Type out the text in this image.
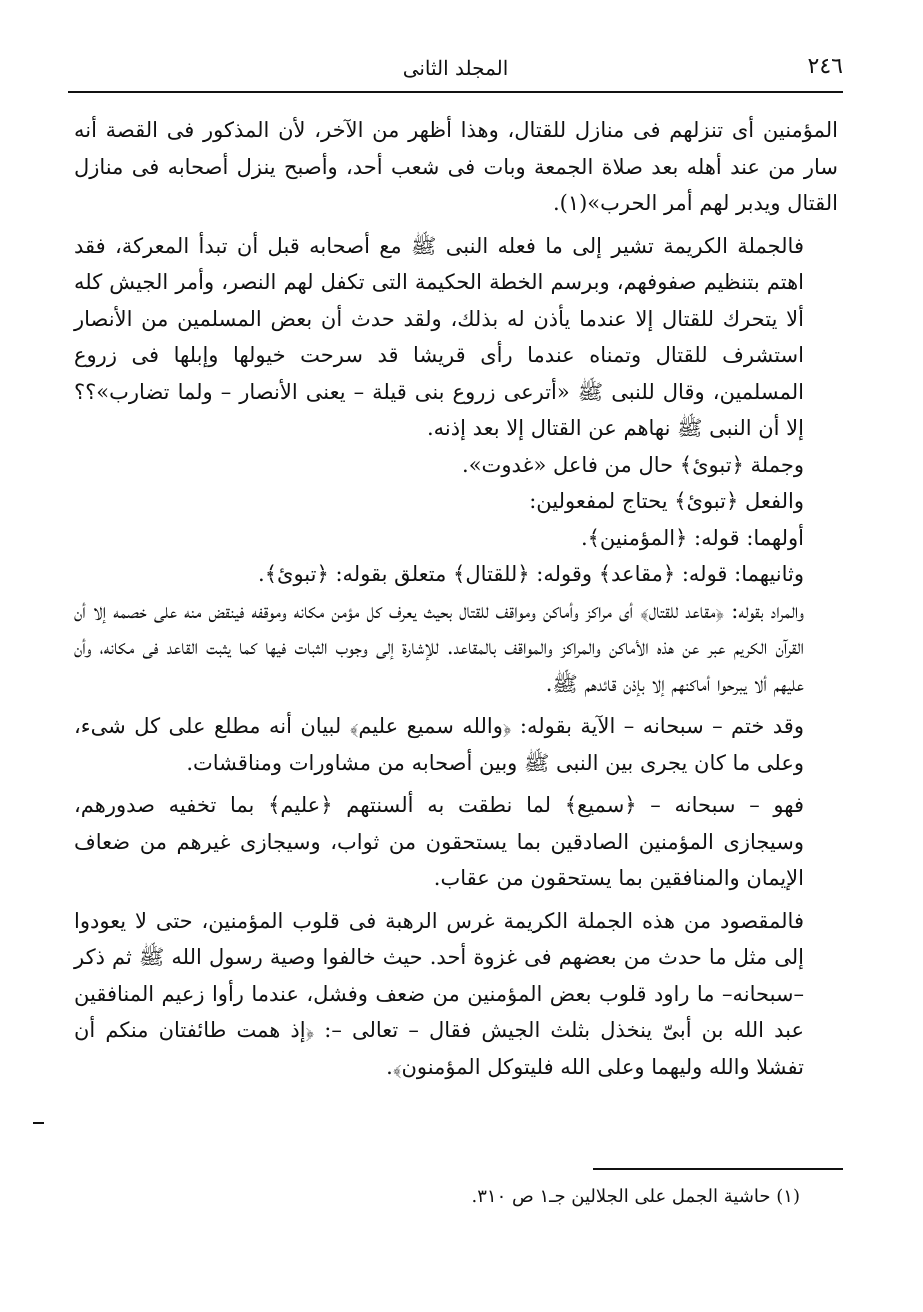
٢٤٦
المجلد الثانى

المؤمنين أى تنزلهم فى منازل للقتال، وهذا أظهر من الآخر، لأن المذكور فى القصة أنه سار من عند أهله بعد صلاة الجمعة وبات فى شعب أحد، وأصبح ينزل أصحابه فى منازل القتال ويدبر لهم أمر الحرب»(١).

فالجملة الكريمة تشير إلى ما فعله النبى ﷺ مع أصحابه قبل أن تبدأ المعركة، فقد اهتم بتنظيم صفوفهم، وبرسم الخطة الحكيمة التى تكفل لهم النصر، وأمر الجيش كله ألا يتحرك للقتال إلا عندما يأذن له بذلك، ولقد حدث أن بعض المسلمين من الأنصار استشرف للقتال وتمناه عندما رأى قريشا قد سرحت خيولها وإبلها فى زروع المسلمين، وقال للنبى ﷺ «أترعى زروع بنى قيلة – يعنى الأنصار – ولما تضارب»؟؟ إلا أن النبى ﷺ نهاهم عن القتال إلا بعد إذنه.

وجملة ﴿تبوئ﴾ حال من فاعل «غدوت».

والفعل ﴿تبوئ﴾ يحتاج لمفعولين:

أولهما: قوله: ﴿المؤمنين﴾.

وثانيهما: قوله: ﴿مقاعد﴾ وقوله: ﴿للقتال﴾ متعلق بقوله: ﴿تبوئ﴾.

والمراد بقوله: ﴿مقاعد للقتال﴾ أى مراكز وأماكن ومواقف للقتال بحيث يعرف كل مؤمن مكانه وموقفه فينقض منه على خصمه إلا أن القرآن الكريم عبر عن هذه الأماكن والمراكز والمواقف بالمقاعد. للإشارة إلى وجوب الثبات فيها كما يثبت القاعد فى مكانه، وأن عليهم ألا يبرحوا أماكنهم إلا بإذن قائدهم ﷺ.

وقد ختم – سبحانه – الآية بقوله: ﴿والله سميع عليم﴾ لبيان أنه مطلع على كل شىء، وعلى ما كان يجرى بين النبى ﷺ وبين أصحابه من مشاورات ومناقشات.

فهو – سبحانه – ﴿سميع﴾ لما نطقت به ألسنتهم ﴿عليم﴾ بما تخفيه صدورهم، وسيجازى المؤمنين الصادقين بما يستحقون من ثواب، وسيجازى غيرهم من ضعاف الإيمان والمنافقين بما يستحقون من عقاب.

فالمقصود من هذه الجملة الكريمة غرس الرهبة فى قلوب المؤمنين، حتى لا يعودوا إلى مثل ما حدث من بعضهم فى غزوة أحد. حيث خالفوا وصية رسول الله ﷺ ثم ذكر –سبحانه– ما راود قلوب بعض المؤمنين من ضعف وفشل، عندما رأوا زعيم المنافقين عبد الله بن أبىّ ينخذل بثلث الجيش فقال – تعالى –: ﴿إذ همت طائفتان منكم أن تفشلا والله وليهما وعلى الله فليتوكل المؤمنون﴾.

(١) حاشية الجمل على الجلالين جـ١ ص ٣١٠.
